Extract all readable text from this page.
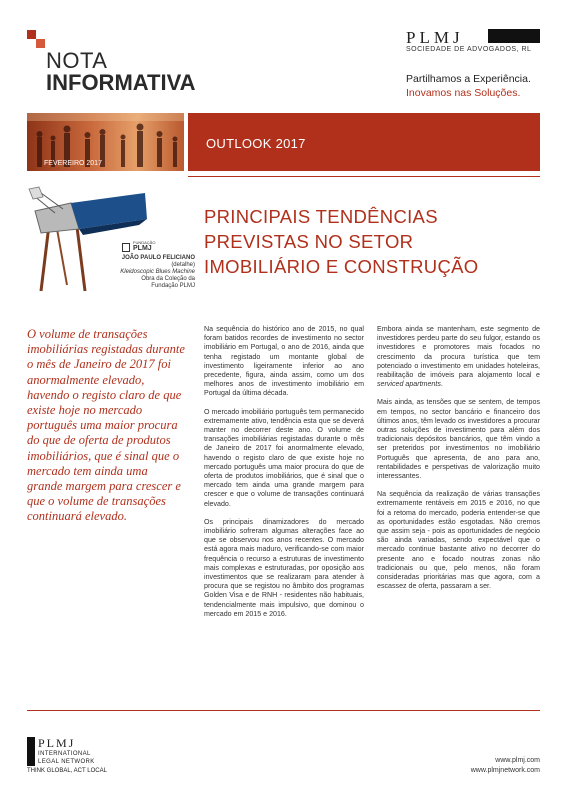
NOTA
INFORMATIVA
PLMJ
SOCIEDADE DE ADVOGADOS, RL
Partilhamos a Experiência.
Inovamos nas Soluções.
FEVEREIRO 2017
OUTLOOK 2017
FUNDAÇÃO
PLMJ
JOÃO PAULO FELICIANO
(detalhe)
Kleidoscopic Blues Machine
Obra da Coleção da
Fundação PLMJ
PRINCIPAIS TENDÊNCIAS
PREVISTAS NO SETOR
IMOBILIÁRIO E CONSTRUÇÃO
O volume de transações imobiliárias registadas durante o mês de Janeiro de 2017 foi anormalmente elevado, havendo o registo claro de que existe hoje no mercado português uma maior procura do que de oferta de produtos imobiliários, que é sinal que o mercado tem ainda uma grande margem para crescer e que o volume de transações continuará elevado.

Na sequência do histórico ano de 2015, no qual foram batidos recordes de investimento no sector imobiliário em Portugal, o ano de 2016, ainda que tenha registado um montante global de investimento ligeiramente inferior ao ano precedente, figura, ainda assim, como um dos melhores anos de investimento imobiliário em Portugal da última década.

O mercado imobiliário português tem permanecido extremamente ativo, tendência esta que se deverá manter no decorrer deste ano. O volume de transações imobiliárias registadas durante o mês de Janeiro de 2017 foi anormalmente elevado, havendo o registo claro de que existe hoje no mercado português uma maior procura do que de oferta de produtos imobiliários, que é sinal que o mercado tem ainda uma grande margem para crescer e que o volume de transações continuará elevado.

Os principais dinamizadores do mercado imobiliário sofreram algumas alterações face ao que se observou nos anos recentes. O mercado está agora mais maduro, verificando-se com maior frequência o recurso a estruturas de investimento mais complexas e estruturadas, por oposição aos investimentos que se realizaram para atender à procura que se registou no âmbito dos programas Golden Visa e de RNH - residentes não habituais, tendencialmente mais impulsivo, que dominou o mercado em 2015 e 2016.

Embora ainda se mantenham, este segmento de investidores perdeu parte do seu fulgor, estando os investidores e promotores mais focados no crescimento da procura turística que tem potenciado o investimento em unidades hoteleiras, reabilitação de imóveis para alojamento local e serviced apartments.

Mais ainda, as tensões que se sentem, de tempos em tempos, no sector bancário e financeiro dos últimos anos, têm levado os investidores a procurar outras soluções de investimento para além dos tradicionais depósitos bancários, que têm vindo a ser preteridos por investimentos no imobiliário Português que apresenta, de ano para ano, rentabilidades e perspetivas de valorização muito interessantes.

Na sequência da realização de várias transações extremamente rentáveis em 2015 e 2016, no que foi a retoma do mercado, poderia entender-se que as oportunidades estão esgotadas. Não cremos que assim seja - pois as oportunidades de negócio são ainda variadas, sendo expectável que o mercado continue bastante ativo no decorrer do presente ano e focado noutras zonas não tradicionais ou que, pelo menos, não foram consideradas prioritárias mas que agora, com a escassez de oferta, passaram a ser.

PLMJ
INTERNATIONAL
LEGAL NETWORK
THINK GLOBAL, ACT LOCAL
www.plmj.com
www.plmjnetwork.com
